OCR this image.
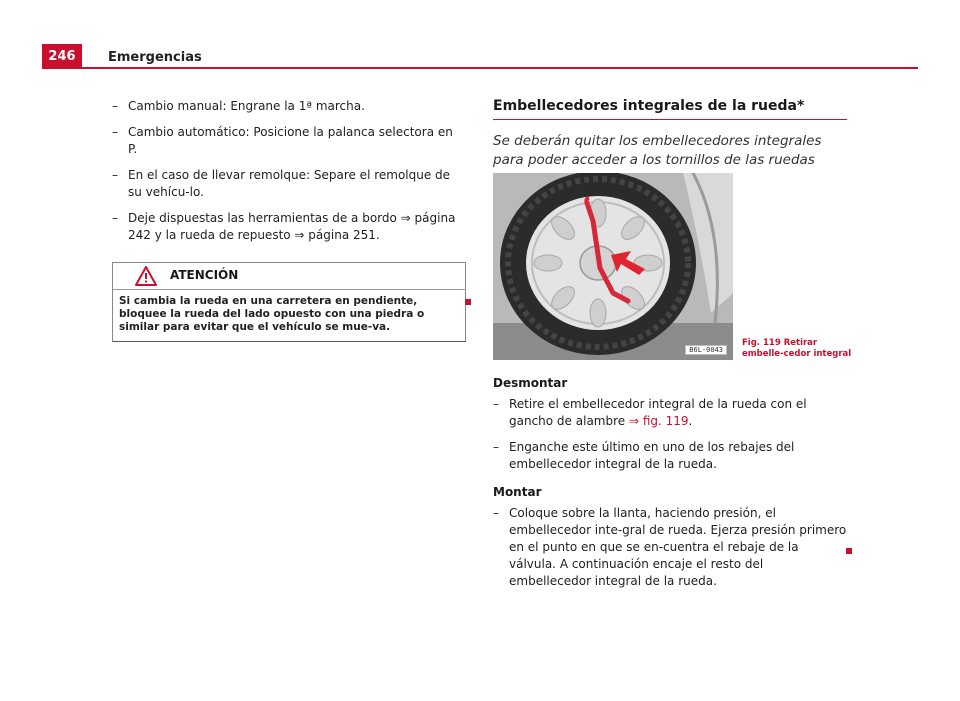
246	Emergencias
– Cambio manual: Engrane la 1ª marcha.
– Cambio automático: Posicione la palanca selectora en P.
– En el caso de llevar remolque: Separe el remolque de su vehícu-lo.
– Deje dispuestas las herramientas de a bordo ⇒ página 242 y la rueda de repuesto ⇒ página 251.
ATENCIÓN
Si cambia la rueda en una carretera en pendiente, bloquee la rueda del lado opuesto con una piedra o similar para evitar que el vehículo se mue-va.
Embellecedores integrales de la rueda*
Se deberán quitar los embellecedores integrales para poder acceder a los tornillos de las ruedas
B6L-0043
Fig. 119 Retirar embelle-cedor integral
Desmontar
– Retire el embellecedor integral de la rueda con el gancho de alambre ⇒ fig. 119.
– Enganche este último en uno de los rebajes del embellecedor integral de la rueda.
Montar
– Coloque sobre la llanta, haciendo presión, el embellecedor inte-gral de rueda. Ejerza presión primero en el punto en que se en-cuentra el rebaje de la válvula. A continuación encaje el resto del embellecedor integral de la rueda.
